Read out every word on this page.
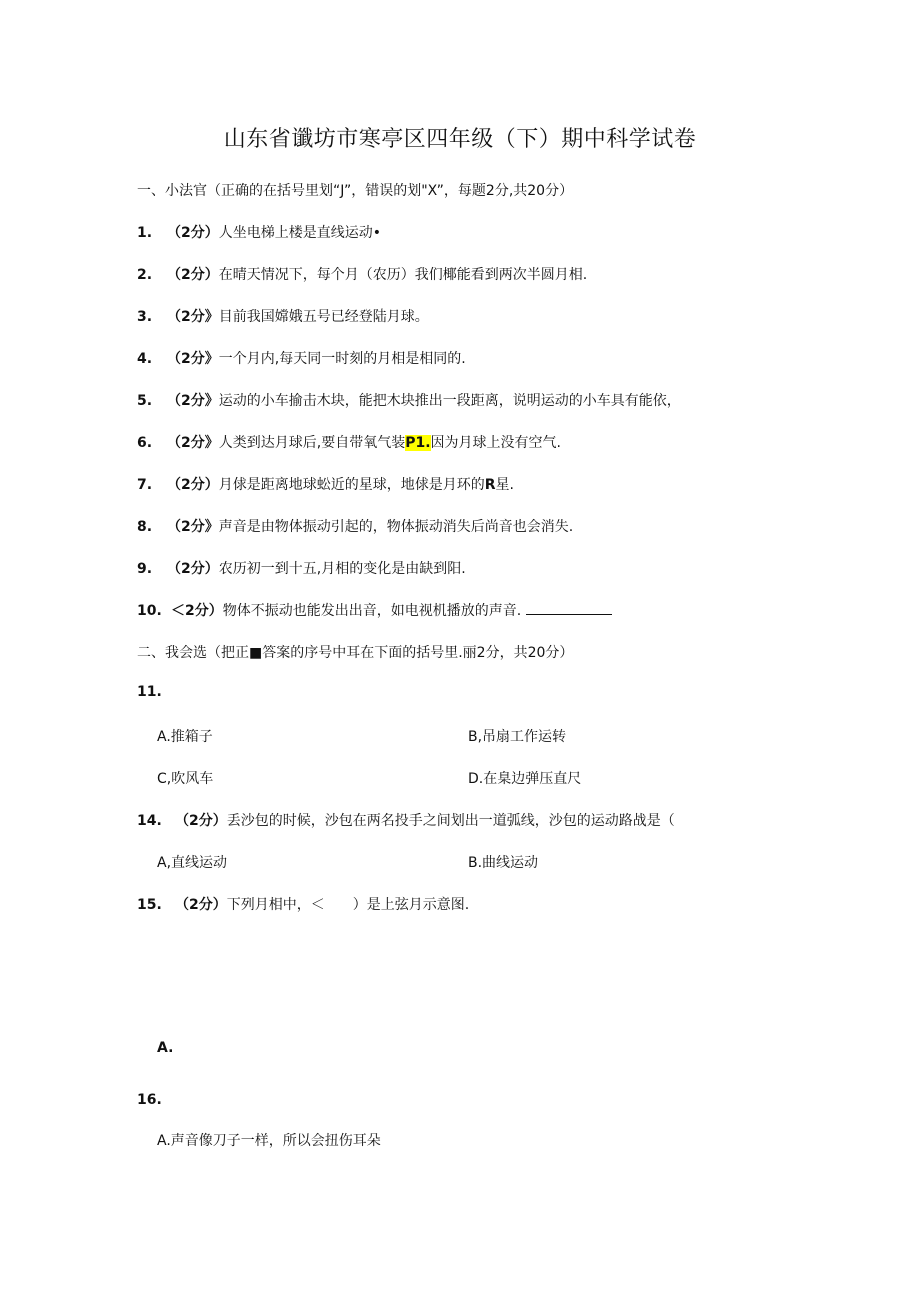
山东省谶坊市寒亭区四年级（下）期中科学试卷
一、小法官（正确的在括号里划“J”，错误的划"X”，每题2分,共20分）
1. （2分）人坐电梯上楼是直线运动•
2. （2分）在晴天情况下，每个月（农历）我们椰能看到两次半圆月相.
3. （2分》目前我国嫦娥五号已经登陆月球。
4. （2分》一个月内,每天同一时刻的月相是相同的.
5. （2分》运动的小车揄击木块，能把木块推出一段距离，说明运动的小车具有能依，
6. （2分》人类到达月球后,要自带氧气装P1.因为月球上没有空气.
7. （2分）月俅是距离地球蚣近的星球，地俅是月环的R星.
8. （2分》声音是由物体振动引起的，物体振动消失后尚音也会消失.
9. （2分）农历初一到十五,月相的变化是由缺到阳.
10. ＜2分）物体不振动也能发出出音，如电视机播放的声音.
二、我会选（把正■答案的序号中耳在下面的括号里.丽2分，共20分）
11.
A.推箱子	B,吊扇工作运转
C,吹风车	D.在臬边弹压直尺
14. （2分）丢沙包的时候，沙包在两名投手之间划出一道弧线，沙包的运动路战是（
A,直线运动	B.曲线运动
15. （2分）下列月相中，＜　　）是上弦月示意图.
A.
16.
A.声音像刀子一样，所以会扭伤耳朵
